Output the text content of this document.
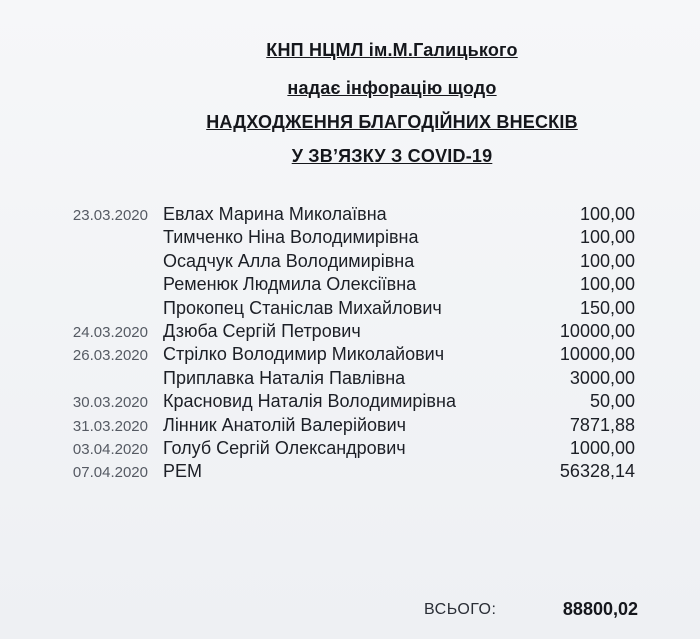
КНП НЦМЛ ім.М.Галицького
надає інфорацію щодо
НАДХОДЖЕННЯ БЛАГОДІЙНИХ ВНЕСКІВ
У ЗВ’ЯЗКУ З COVID-19
23.03.2020 Евлах Марина Миколаївна	100,00
Тимченко Ніна Володимирівна	100,00
Осадчук Алла Володимирівна	100,00
Ременюк Людмила Олексіївна	100,00
Прокопец Станіслав Михайлович	150,00
24.03.2020 Дзюба Сергій Петрович	10000,00
26.03.2020 Стрілко Володимир Миколайович	10000,00
Приплавка Наталія Павлівна	3000,00
30.03.2020 Красновид Наталія Володимирівна	50,00
31.03.2020 Лінник Анатолій Валерійович	7871,88
03.04.2020 Голуб Сергій Олександрович	1000,00
07.04.2020 РЕМ	56328,14
ВСЬОГО:	88800,02
